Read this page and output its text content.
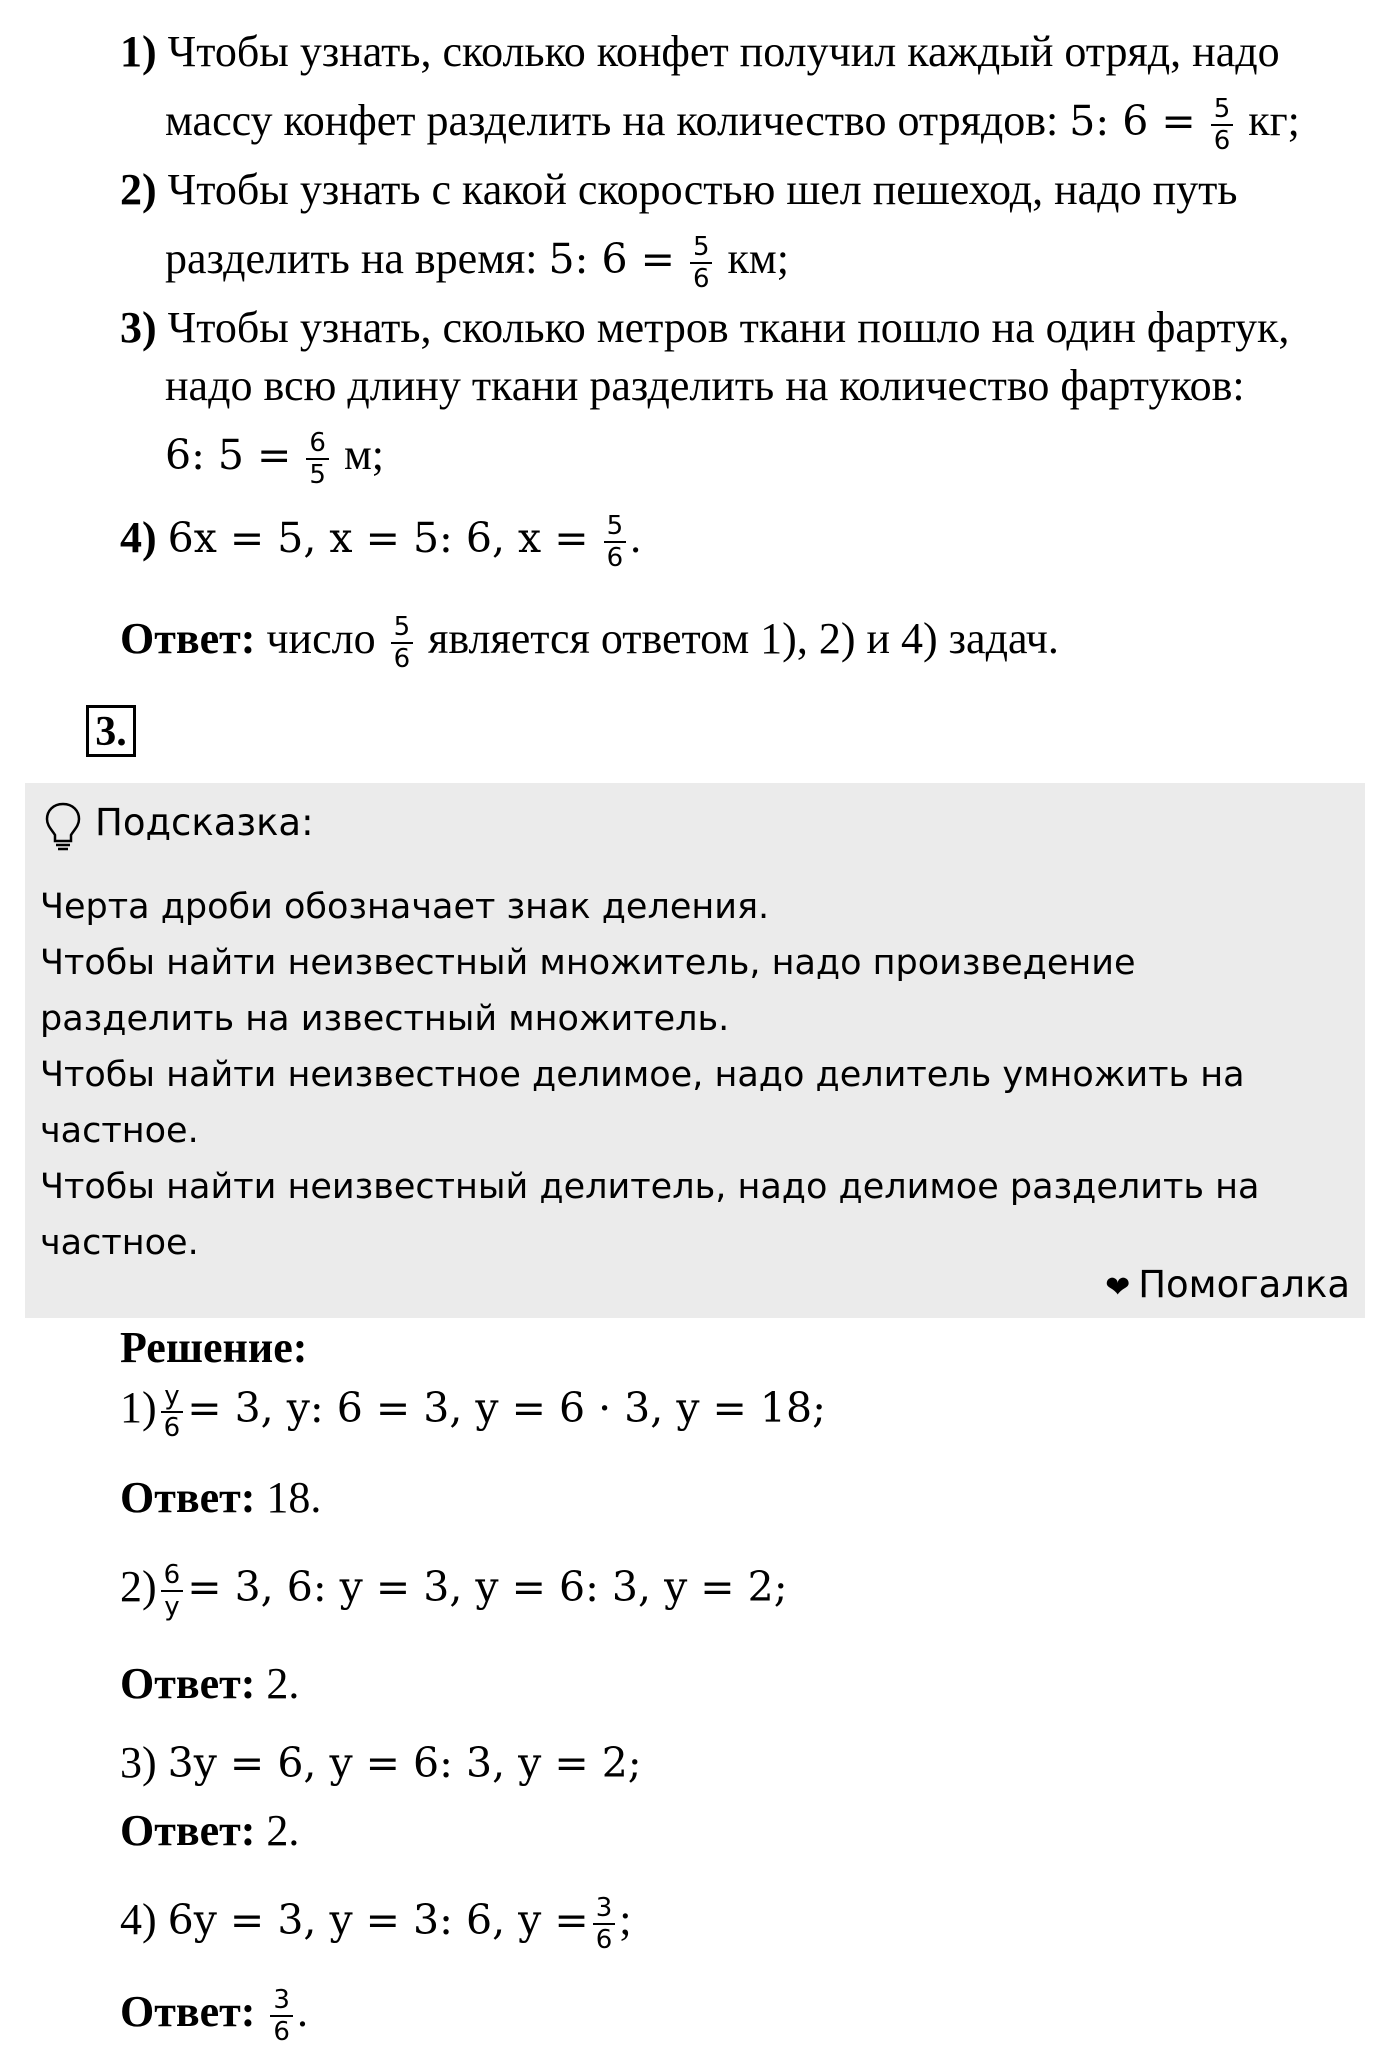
1) Чтобы узнать, сколько конфет получил каждый отряд, надо
массу конфет разделить на количество отрядов: 5: $6 = \frac{5}{6}$ кг;
2) Чтобы узнать с какой скоростью шел пешеход, надо путь
разделить на время: 5: $6 = \frac{5}{6}$ км;
3) Чтобы узнать, сколько метров ткани пошло на один фартук,
надо всю длину ткани разделить на количество фартуков:
6: $5 = \frac{6}{5} м$;
4) 6x = 5, x = 5: 6, $x = \frac{5}{6}$ .
Ответ: число $\frac{5}{6}$ является ответом 1), 2) и 4) задач.
3.
Подсказка:
Черта дроби обозначает знак деления.
Чтобы найти неизвестный множитель, надо произведение
разделить на известный множитель.
Чтобы найти неизвестное делимое, надо делитель умножить на
частное.
Чтобы найти неизвестный делитель, надо делимое разделить на
частное.
❤ Помогалка
Решение:
$1) \frac{y}{6} = 3$, y: 6 = 3, y = 6 · 3, y = 18;
Ответ: 18.
$2) \frac{6}{y} = 3$, 6: y = 3, y = 6: 3, y = 2;
Ответ: 2.
3) 3y = 6, y = 6: 3, y = 2;
Ответ: 2.
4) 6y = 3, y = 3: 6, $y = \frac{3}{6}$ ;
Ответ: $\frac{3}{6}$ .
